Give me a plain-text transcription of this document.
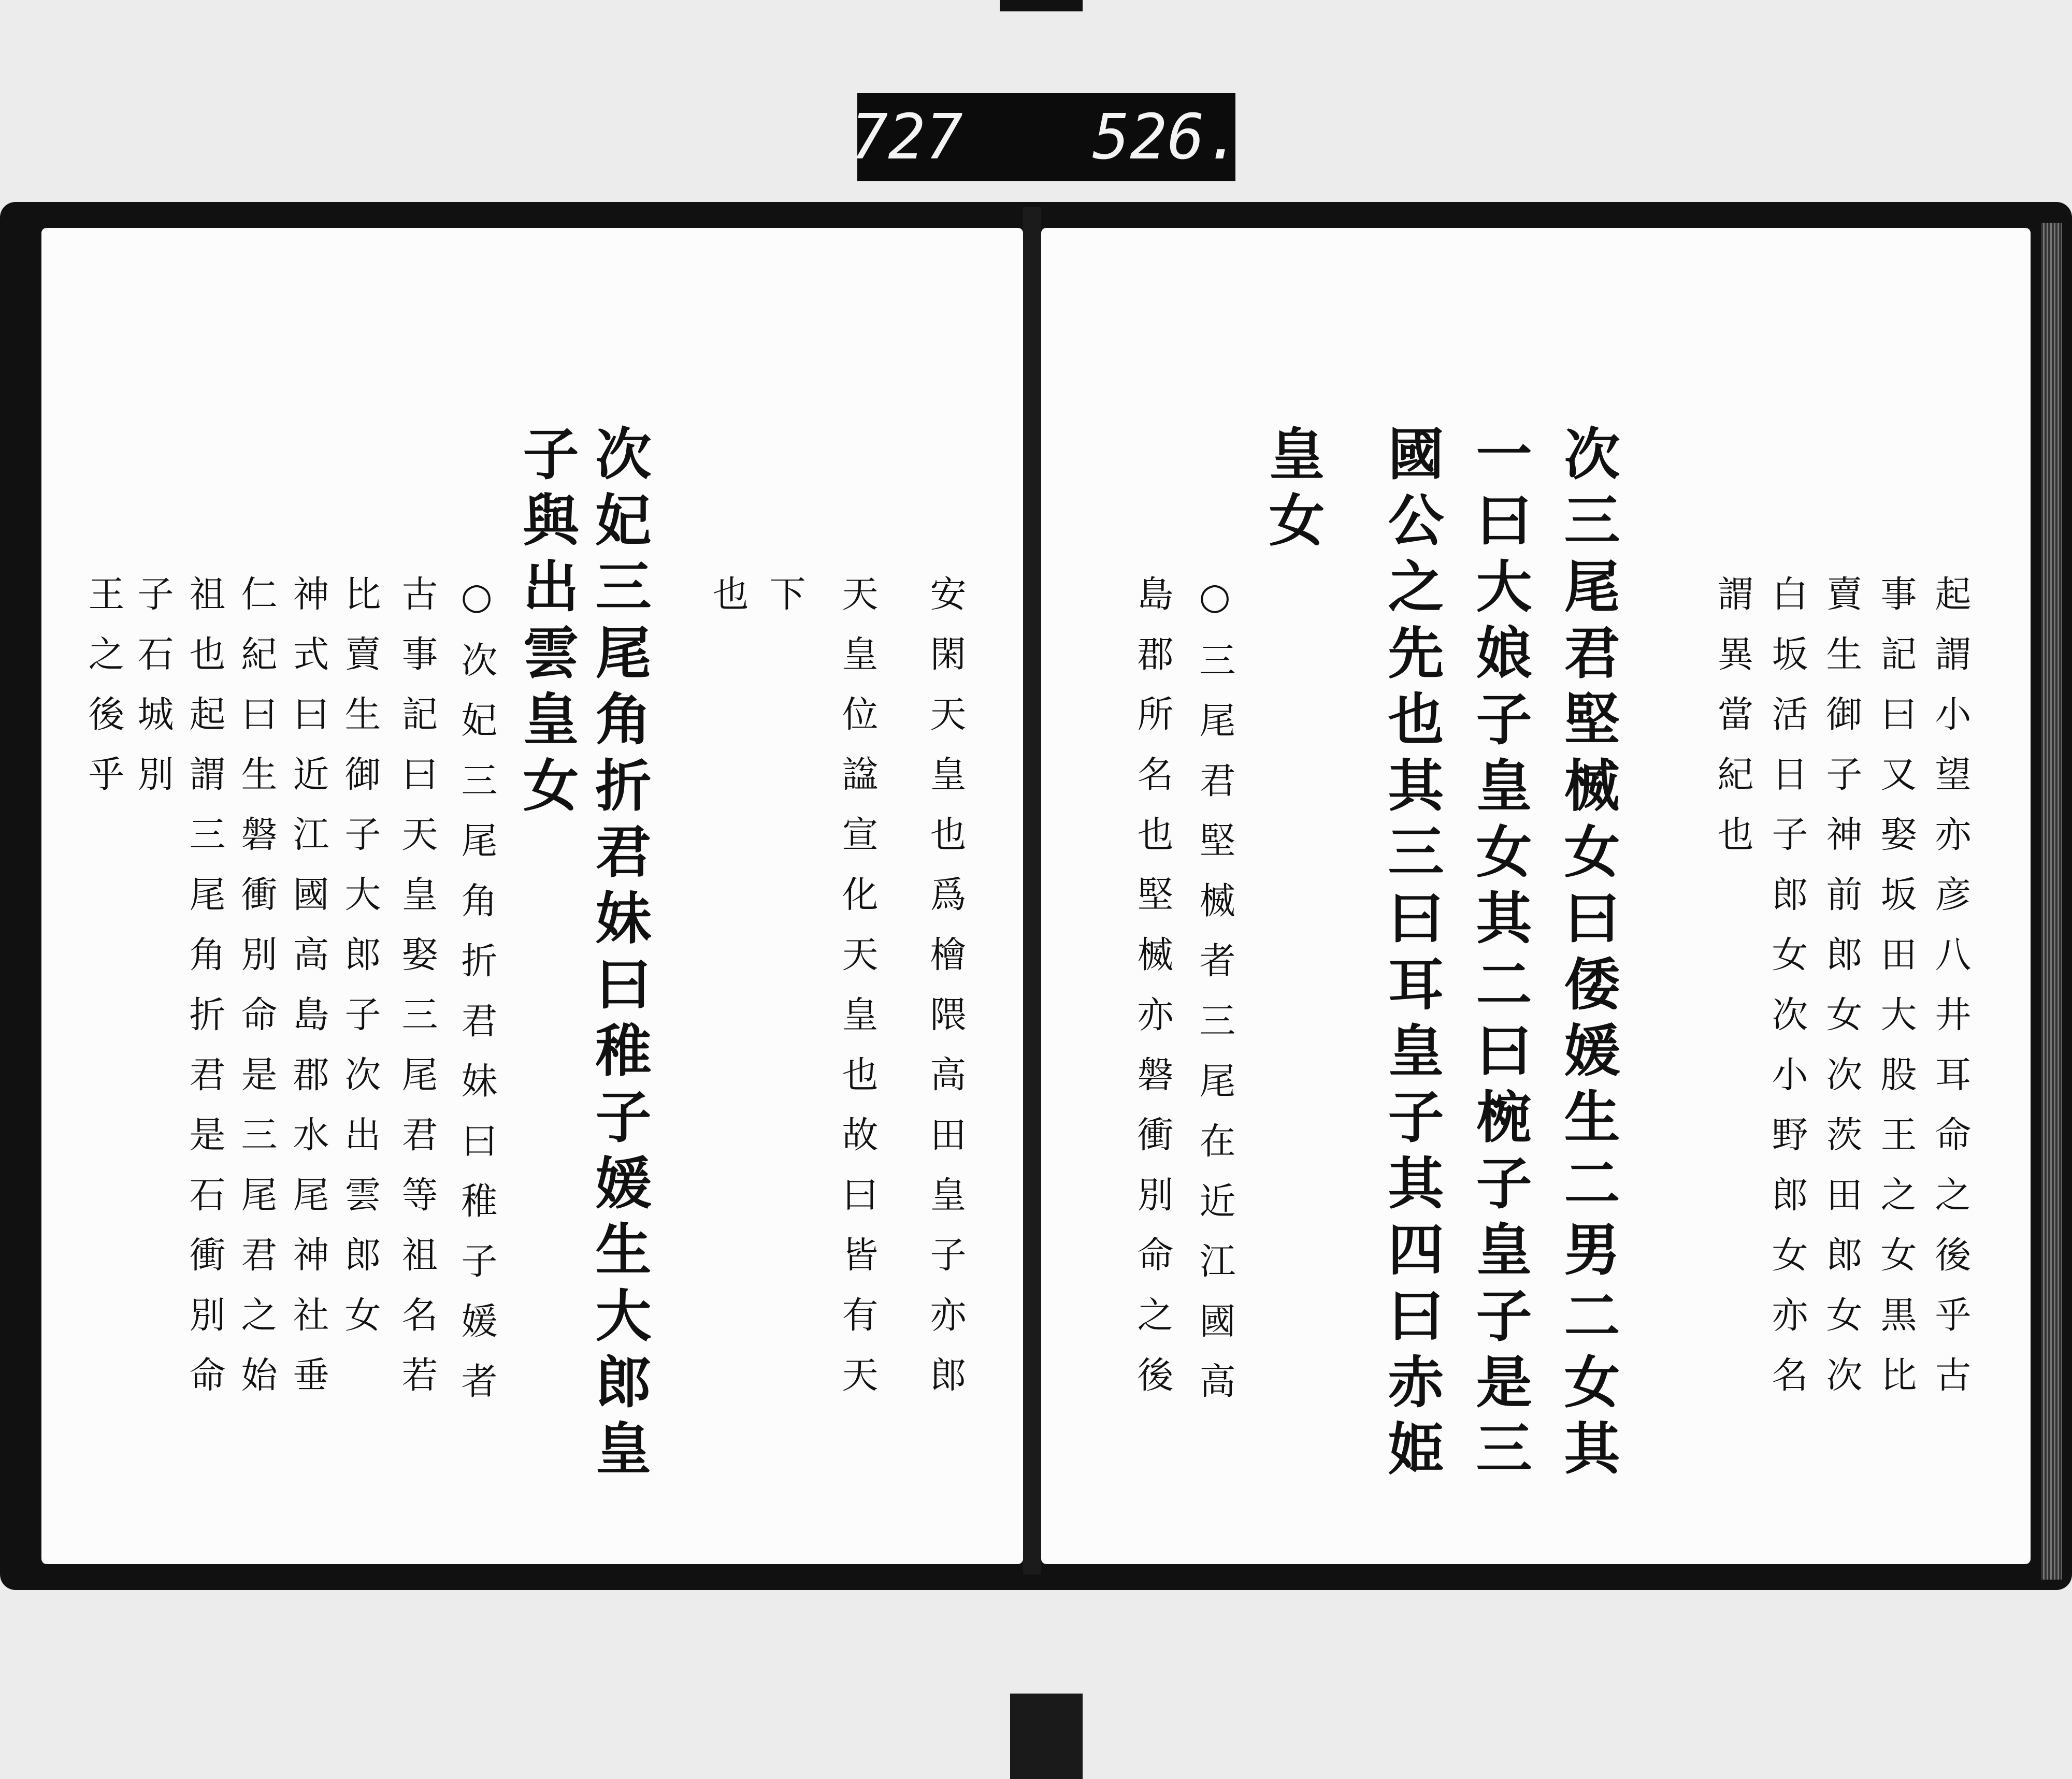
727 526.
次妃三尾角折君妹曰稚子媛生大郎皇
子與出雲皇女	安閑天皇也爲檜隈高田皇子亦郎
天皇位諡宣化天皇也故曰皆有天
下
也
○次妃三尾角折君妹曰稚子媛者
古事記曰天皇娶三尾君等祖名若
比賣生御子大郎子次出雲郎女
神式曰近江國高島郡水尾神社垂
仁紀曰生磐衝別命是三尾君之始
祖也起謂三尾角折君是石衝別命
子石城別
王之後乎	起謂小望亦彦八井耳命之後乎古
事記曰又娶坂田大股王之女黒比
賣生御子神前郎女次茨田郎女次
白坂活日子郎女次小野郎女亦名
謂異當紀也
次三尾君堅楲女曰倭媛生二男二女其
一曰大娘子皇女其二曰椀子皇子是三
國公之先也其三曰耳皇子其四曰赤姫
皇女
○三尾君堅楲者三尾在近江國高
島郡所名也堅楲亦磐衝別命之後
